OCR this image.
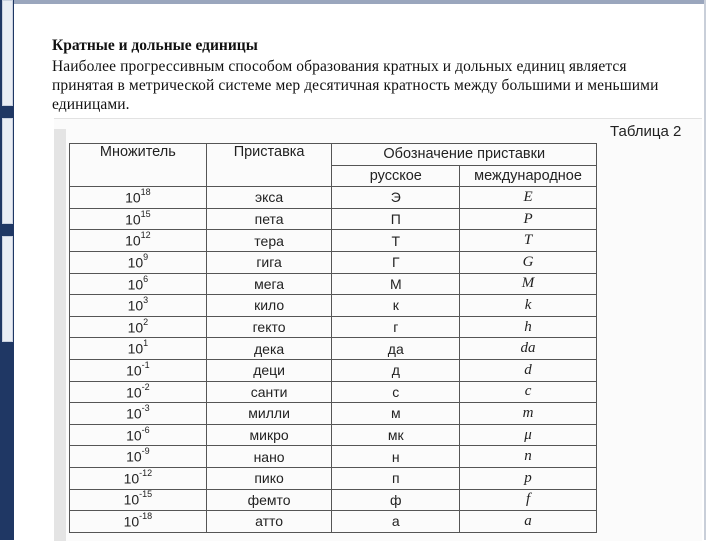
Кратные и дольные единицы
Наиболее прогрессивным способом образования кратных и дольных единиц является принятая в метрической системе мер десятичная кратность между большими и меньшими единицами.
Таблица 2
Множитель	Приставка	Обозначение приставки	
		русское	международное
$10^{18}$	экса	Э	E
$10^{15}$	пета	П	P
$10^{12}$	тера	Т	T
$10^9$	гига	Г	G
$10^6$	мега	М	M
$10^3$	кило	к	k
$10^2$	гекто	г	h
$10^1$	дека	да	da
$10^{-1}$	деци	д	d
$10^{-2}$	санти	с	c
$10^{-3}$	милли	м	m
$10^{-6}$	микро	мк	μ
$10^{-9}$	нано	н	n
$10^{-12}$	пико	п	p
$10^{-15}$	фемто	ф	f
$10^{-18}$	атто	а	a
